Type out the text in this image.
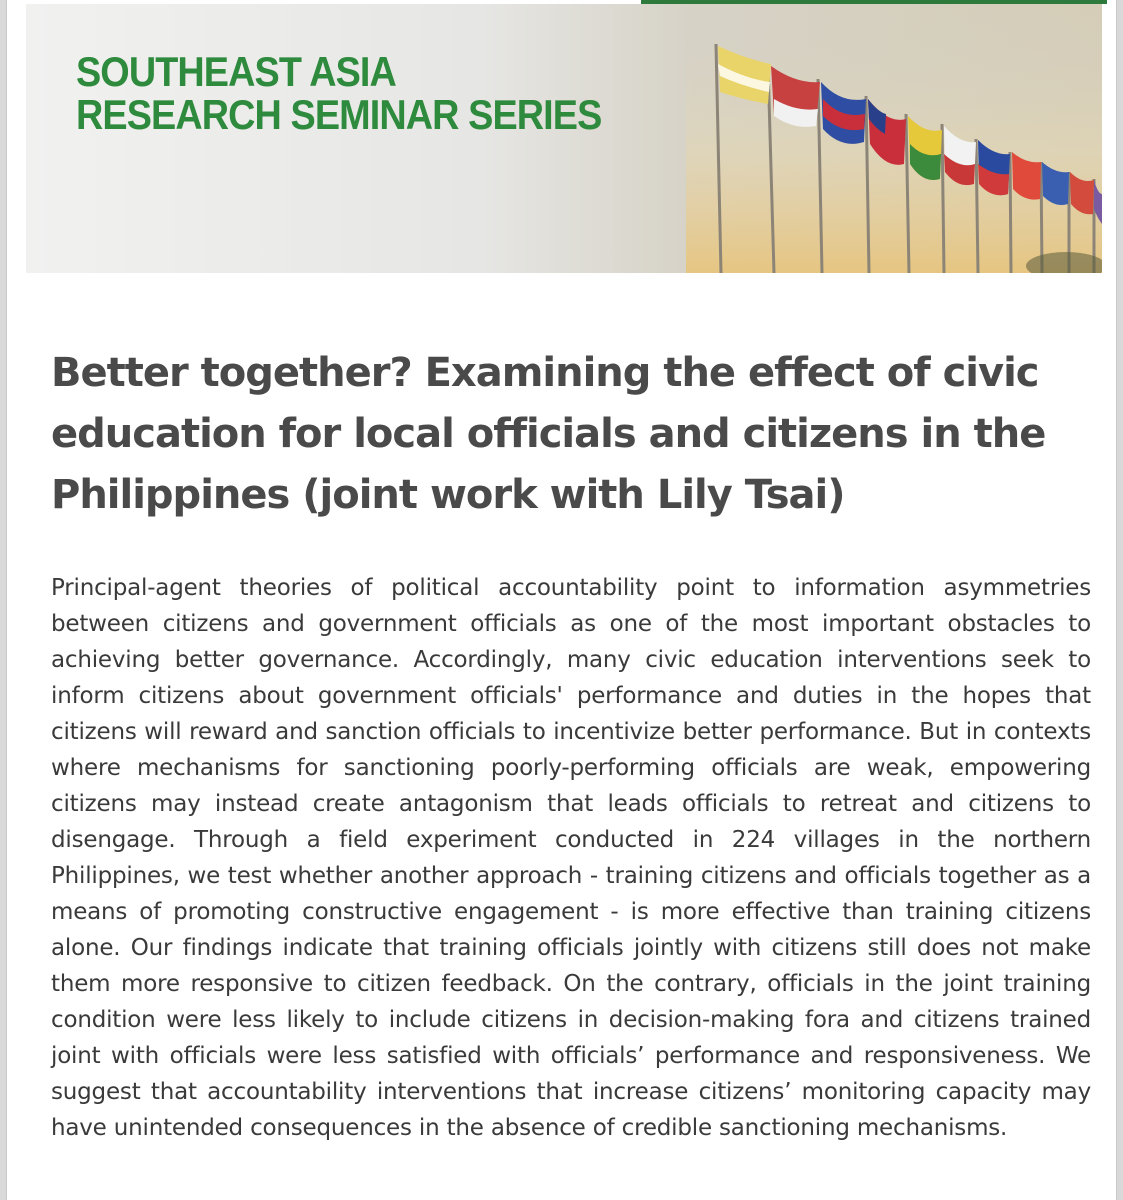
SOUTHEAST ASIA
RESEARCH SEMINAR SERIES
Better together? Examining the effect of civic education for local officials and citizens in the Philippines (joint work with Lily Tsai)

Principal-agent theories of political accountability point to information asymmetries between citizens and government officials as one of the most important obstacles to achieving better governance. Accordingly, many civic education interventions seek to inform citizens about government officials' performance and duties in the hopes that citizens will reward and sanction officials to incentivize better performance. But in contexts where mechanisms for sanctioning poorly-performing officials are weak, empowering citizens may instead create antagonism that leads officials to retreat and citizens to disengage. Through a field experiment conducted in 224 villages in the northern Philippines, we test whether another approach - training citizens and officials together as a means of promoting constructive engagement - is more effective than training citizens alone. Our findings indicate that training officials jointly with citizens still does not make them more responsive to citizen feedback. On the contrary, officials in the joint training condition were less likely to include citizens in decision-making fora and citizens trained joint with officials were less satisfied with officials’ performance and responsiveness. We suggest that accountability interventions that increase citizens’ monitoring capacity may have unintended consequences in the absence of credible sanctioning mechanisms.
